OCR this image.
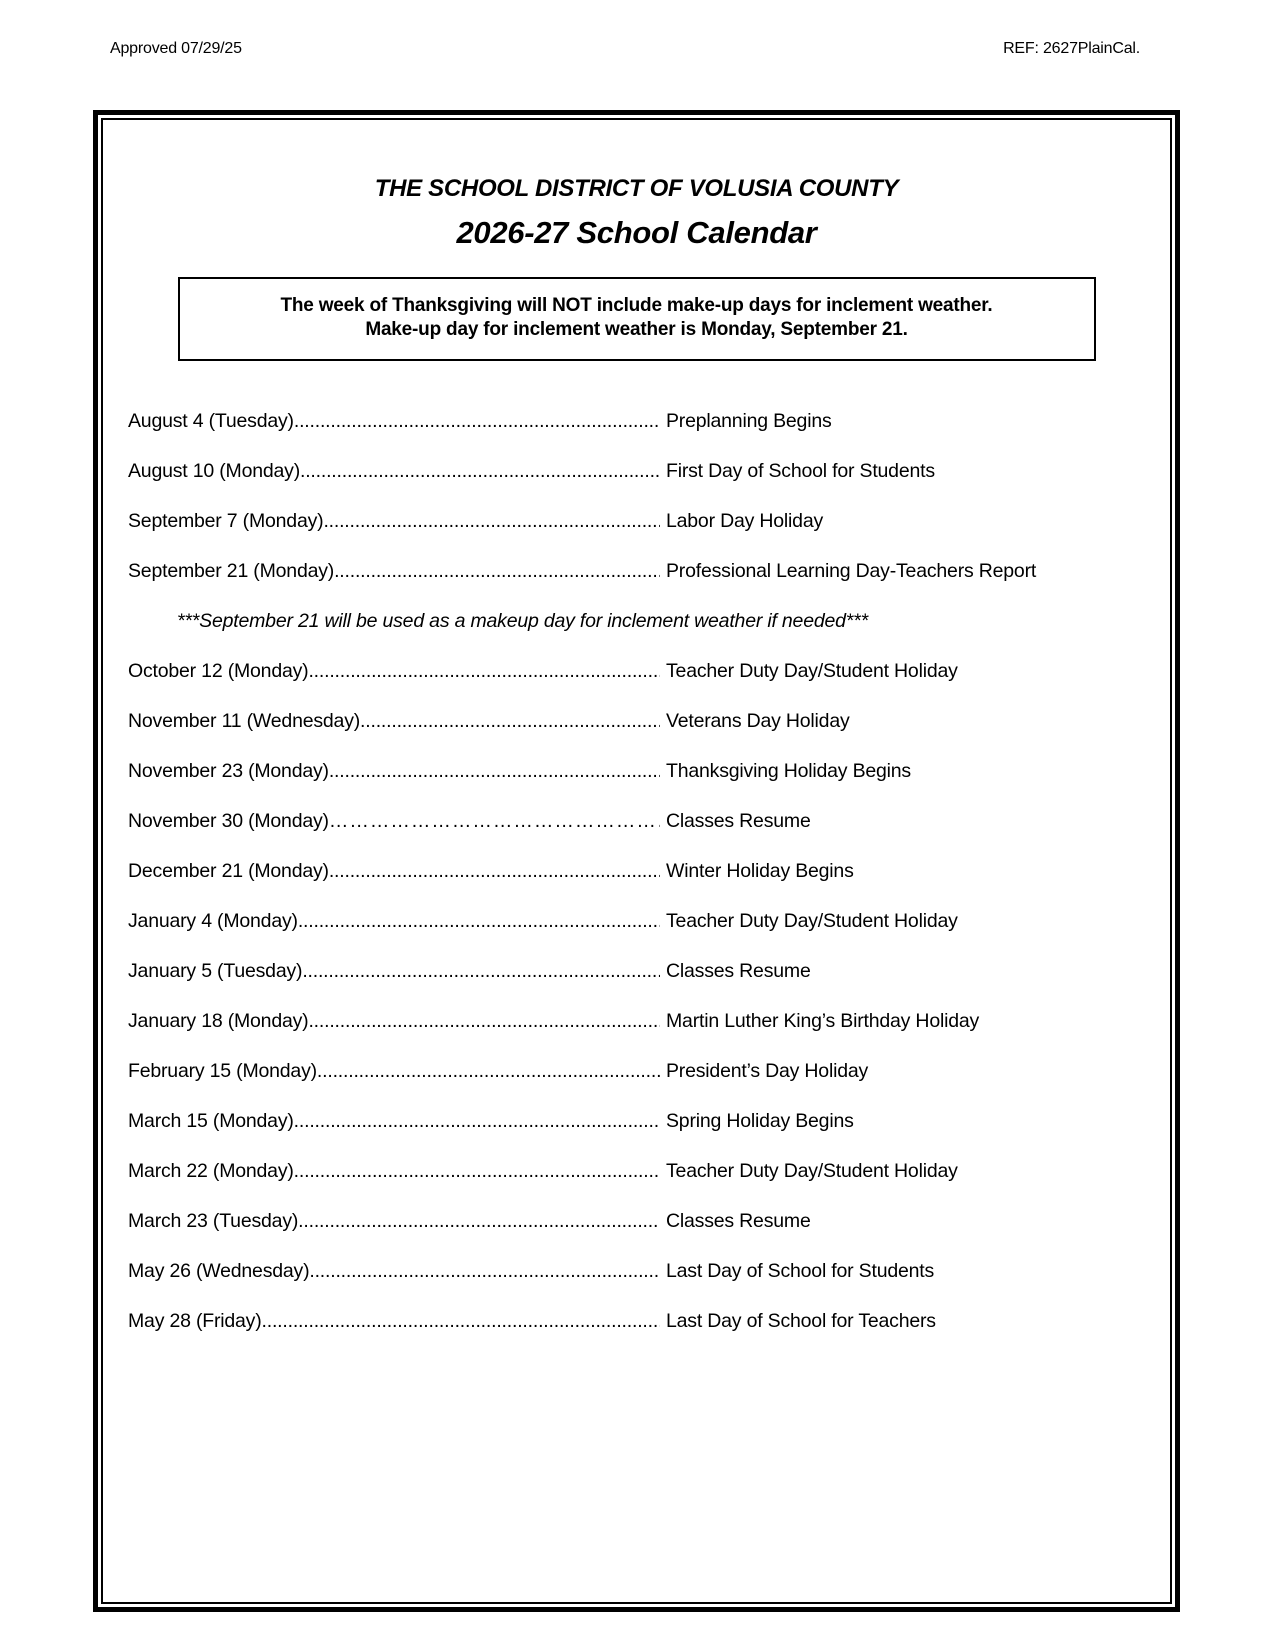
Approved 07/29/25	REF: 2627PlainCal.
THE SCHOOL DISTRICT OF VOLUSIA COUNTY
2026-27 School Calendar
The week of Thanksgiving will NOT include make-up days for inclement weather.
Make-up day for inclement weather is Monday, September 21.
August 4 (Tuesday) .....	Preplanning Begins
August 10 (Monday) .....	First Day of School for Students
September 7 (Monday) .....	Labor Day Holiday
September 21 (Monday) .....	Professional Learning Day-Teachers Report
***September 21 will be used as a makeup day for inclement weather if needed***
October 12 (Monday) .....	Teacher Duty Day/Student Holiday
November 11 (Wednesday) .....	Veterans Day Holiday
November 23 (Monday) .....	Thanksgiving Holiday Begins
November 30 (Monday) ………………………………………………..	Classes Resume
December 21 (Monday) .....	Winter Holiday Begins
January 4 (Monday) .....	Teacher Duty Day/Student Holiday
January 5 (Tuesday) .....	Classes Resume
January 18 (Monday) .....	Martin Luther King’s Birthday Holiday
February 15 (Monday) .....	President’s Day Holiday
March 15 (Monday) .....	Spring Holiday Begins
March 22 (Monday) .....	Teacher Duty Day/Student Holiday
March 23 (Tuesday) .....	Classes Resume
May 26 (Wednesday) .....	Last Day of School for Students
May 28 (Friday) .....	Last Day of School for Teachers
